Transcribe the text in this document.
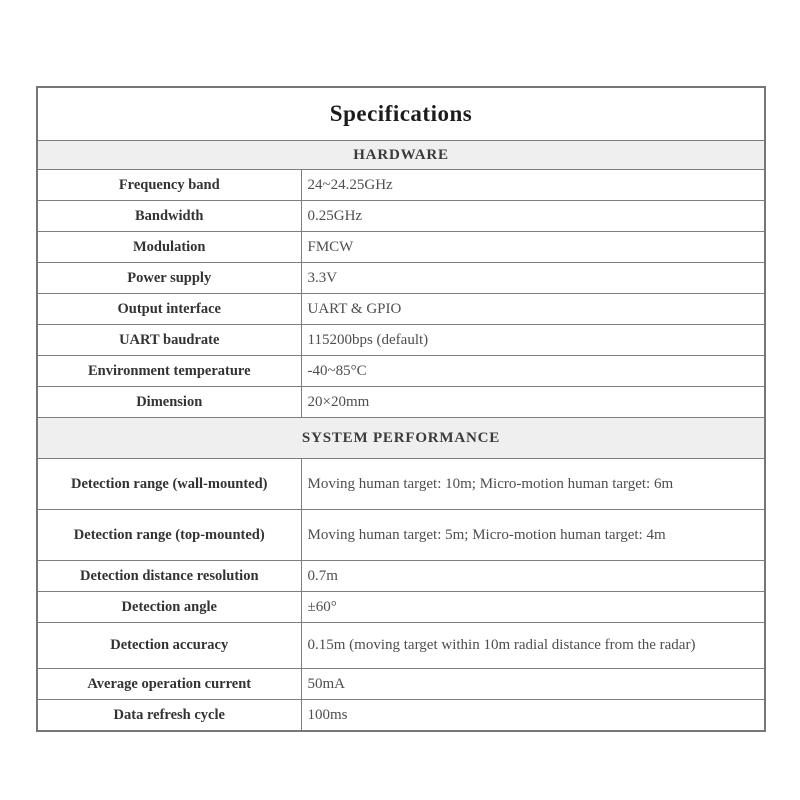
Specifications	
HARDWARE	
Frequency band	24~24.25GHz
Bandwidth	0.25GHz
Modulation	FMCW
Power supply	3.3V
Output interface	UART & GPIO
UART baudrate	115200bps (default)
Environment temperature	-40~85°C
Dimension	20×20mm
SYSTEM PERFORMANCE	
Detection range (wall-mounted)	Moving human target: 10m; Micro-motion human target: 6m
Detection range (top-mounted)	Moving human target: 5m; Micro-motion human target: 4m
Detection distance resolution	0.7m
Detection angle	±60°
Detection accuracy	0.15m (moving target within 10m radial distance from the radar)
Average operation current	50mA
Data refresh cycle	100ms
